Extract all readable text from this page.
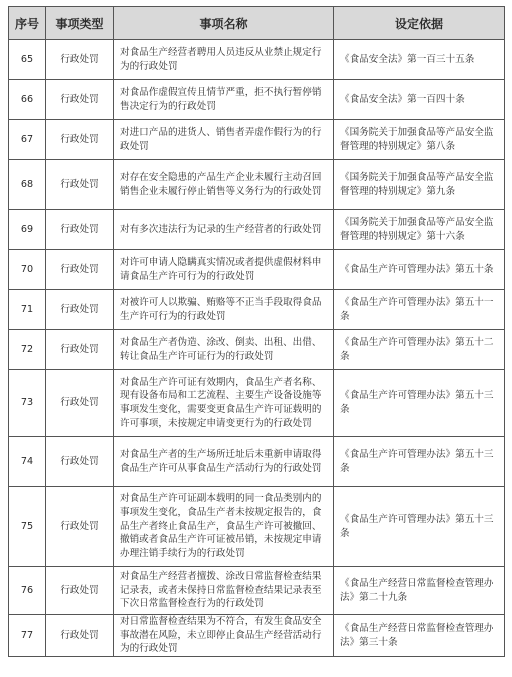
序号	事项类型	事项名称	设定依据
65	行政处罚	对食品生产经营者聘用人员违反从业禁止规定行为的行政处罚	《食品安全法》第一百三十五条
66	行政处罚	对食品作虚假宣传且情节严重，拒不执行暂停销售决定行为的行政处罚	《食品安全法》第一百四十条
67	行政处罚	对进口产品的进货人、销售者弄虚作假行为的行政处罚	《国务院关于加强食品等产品安全监督管理的特别规定》第八条
68	行政处罚	对存在安全隐患的产品生产企业未履行主动召回销售企业未履行停止销售等义务行为的行政处罚	《国务院关于加强食品等产品安全监督管理的特别规定》第九条
69	行政处罚	对有多次违法行为记录的生产经营者的行政处罚	《国务院关于加强食品等产品安全监督管理的特别规定》第十六条
70	行政处罚	对许可申请人隐瞒真实情况或者提供虚假材料申请食品生产许可行为的行政处罚	《食品生产许可管理办法》第五十条
71	行政处罚	对被许可人以欺骗、贿赂等不正当手段取得食品生产许可行为的行政处罚	《食品生产许可管理办法》第五十一条
72	行政处罚	对食品生产者伪造、涂改、倒卖、出租、出借、转让食品生产许可证行为的行政处罚	《食品生产许可管理办法》第五十二条
73	行政处罚	对食品生产许可证有效期内，食品生产者名称、现有设备布局和工艺流程、主要生产设备设施等事项发生变化，需要变更食品生产许可证载明的许可事项，未按规定申请变更行为的行政处罚	《食品生产许可管理办法》第五十三条
74	行政处罚	对食品生产者的生产场所迁址后未重新申请取得食品生产许可从事食品生产活动行为的行政处罚	《食品生产许可管理办法》第五十三条
75	行政处罚	对食品生产许可证副本载明的同一食品类别内的事项发生变化，食品生产者未按规定报告的，食品生产者终止食品生产，食品生产许可被撤回、撤销或者食品生产许可证被吊销，未按规定申请办理注销手续行为的行政处罚	《食品生产许可管理办法》第五十三条
76	行政处罚	对食品生产经营者擅拨、涂改日常监督检查结果记录表，或者未保持日常监督检查结果记录表至下次日常监督检查行为的行政处罚	《食品生产经营日常监督检查管理办法》第二十九条
77	行政处罚	对日常监督检查结果为不符合，有发生食品安全事故潜在风险，未立即停止食品生产经营活动行为的行政处罚	《食品生产经营日常监督检查管理办法》第三十条
